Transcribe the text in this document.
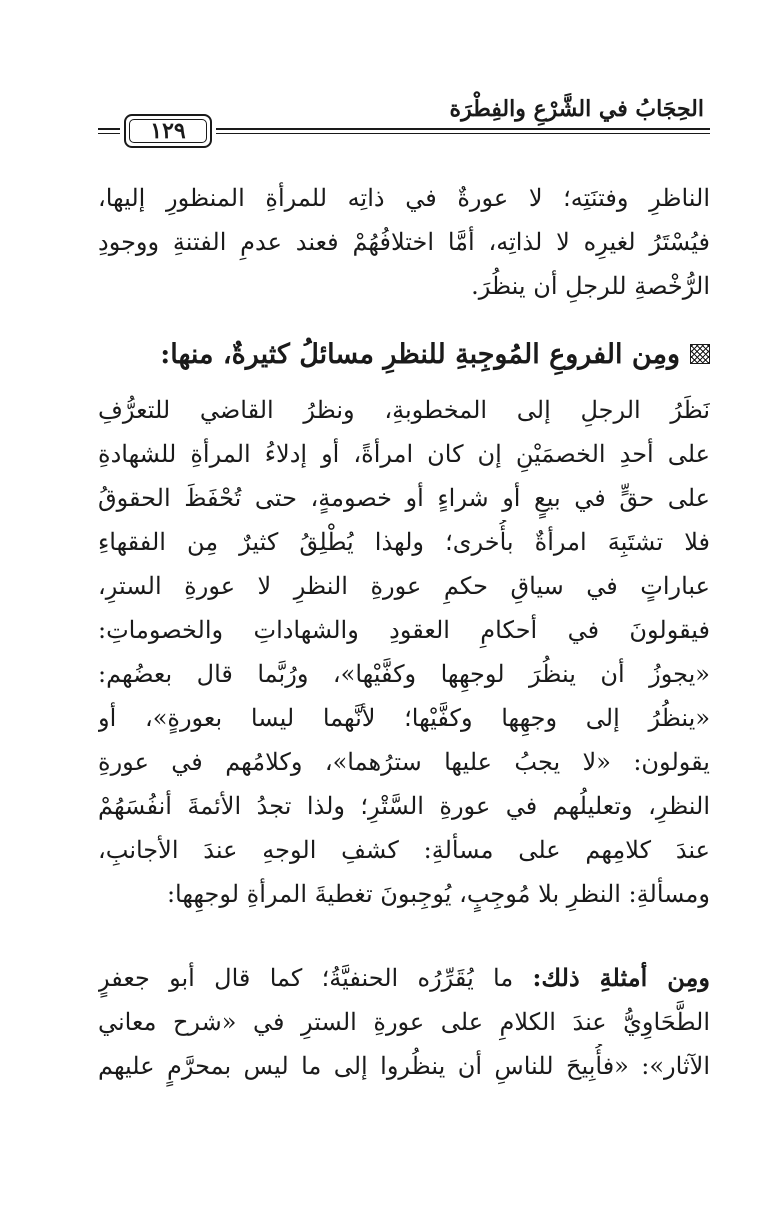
الحِجَابُ في الشَّرْعِ والفِطْرَة
١٢٩
الناظرِ وفتنَتِه؛ لا عورةٌ في ذاتِه للمرأةِ المنظورِ إليها،
فيُسْتَرُ لغيرِه لا لذاتِه، أمَّا اختلافُهُمْ فعند عدمِ الفتنةِ ووجودِ
الرُّخْصةِ للرجلِ أن ينظُرَ.
ومِن الفروعِ المُوجِبةِ للنظرِ مسائلُ كثيرةٌ، منها:
نَظَرُ الرجلِ إلى المخطوبةِ، ونظرُ القاضي للتعرُّفِ
على أحدِ الخصمَيْنِ إن كان امرأةً، أو إدلاءُ المرأةِ للشهادةِ
على حقٍّ في بيعٍ أو شراءٍ أو خصومةٍ، حتى تُحْفَظَ الحقوقُ
فلا تشتَبِهَ امرأةٌ بأُخرى؛ ولهذا يُطْلِقُ كثيرٌ مِن الفقهاءِ
عباراتٍ في سياقِ حكمِ عورةِ النظرِ لا عورةِ السترِ،
فيقولونَ في أحكامِ العقودِ والشهاداتِ والخصوماتِ:
«يجوزُ أن ينظُرَ لوجهِها وكفَّيْها»، ورُبَّما قال بعضُهم:
«ينظُرُ إلى وجهِها وكفَّيْها؛ لأنَّهما ليسا بعورةٍ»، أو
يقولون: «لا يجبُ عليها سترُهما»، وكلامُهم في عورةِ
النظرِ، وتعليلُهم في عورةِ السَّتْرِ؛ ولذا تجدُ الأئمةَ أنفُسَهُمْ
عندَ كلامِهم على مسألةِ: كشفِ الوجهِ عندَ الأجانبِ،
ومسألةِ: النظرِ بلا مُوجِبٍ، يُوجِبونَ تغطيةَ المرأةِ لوجهِها:
ومِن أمثلةِ ذلك: ما يُقَرِّرُه الحنفيَّةُ؛ كما قال أبو جعفرٍ
الطَّحَاوِيُّ عندَ الكلامِ على عورةِ السترِ في «شرح معاني
الآثار»: «فأُبِيحَ للناسِ أن ينظُروا إلى ما ليس بمحرَّمٍ عليهم
